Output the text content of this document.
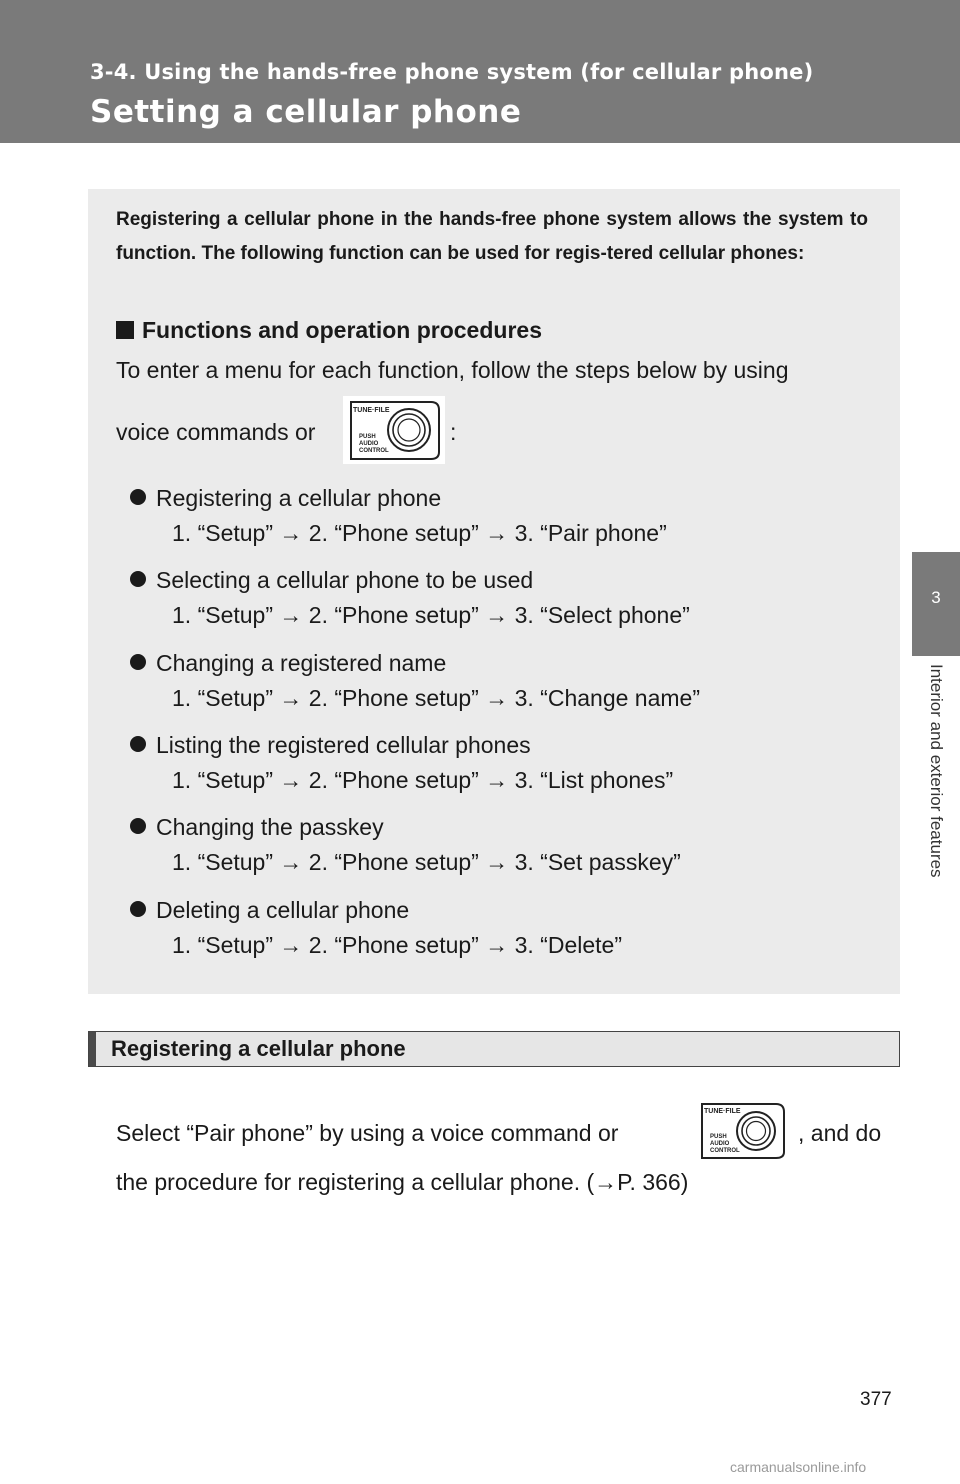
3-4. Using the hands-free phone system (for cellular phone)
Setting a cellular phone
3
Interior and exterior features
Registering a cellular phone in the hands-free phone system allows the system to function. The following function can be used for regis-tered cellular phones:
Functions and operation procedures
To enter a menu for each function, follow the steps below by using
voice commands or
TUNE·FILE
PUSH
AUDIO
CONTROL
:
Registering a cellular phone
1. “Setup” → 2. “Phone setup” → 3. “Pair phone”
Selecting a cellular phone to be used
1. “Setup” → 2. “Phone setup” → 3. “Select phone”
Changing a registered name
1. “Setup” → 2. “Phone setup” → 3. “Change name”
Listing the registered cellular phones
1. “Setup” → 2. “Phone setup” → 3. “List phones”
Changing the passkey
1. “Setup” → 2. “Phone setup” → 3. “Set passkey”
Deleting a cellular phone
1. “Setup” → 2. “Phone setup” → 3. “Delete”
Registering a cellular phone
Select “Pair phone” by using a voice command or
TUNE·FILE
PUSH
AUDIO
CONTROL
, and do
the procedure for registering a cellular phone. (→P. 366)
377
carmanualsonline.info
